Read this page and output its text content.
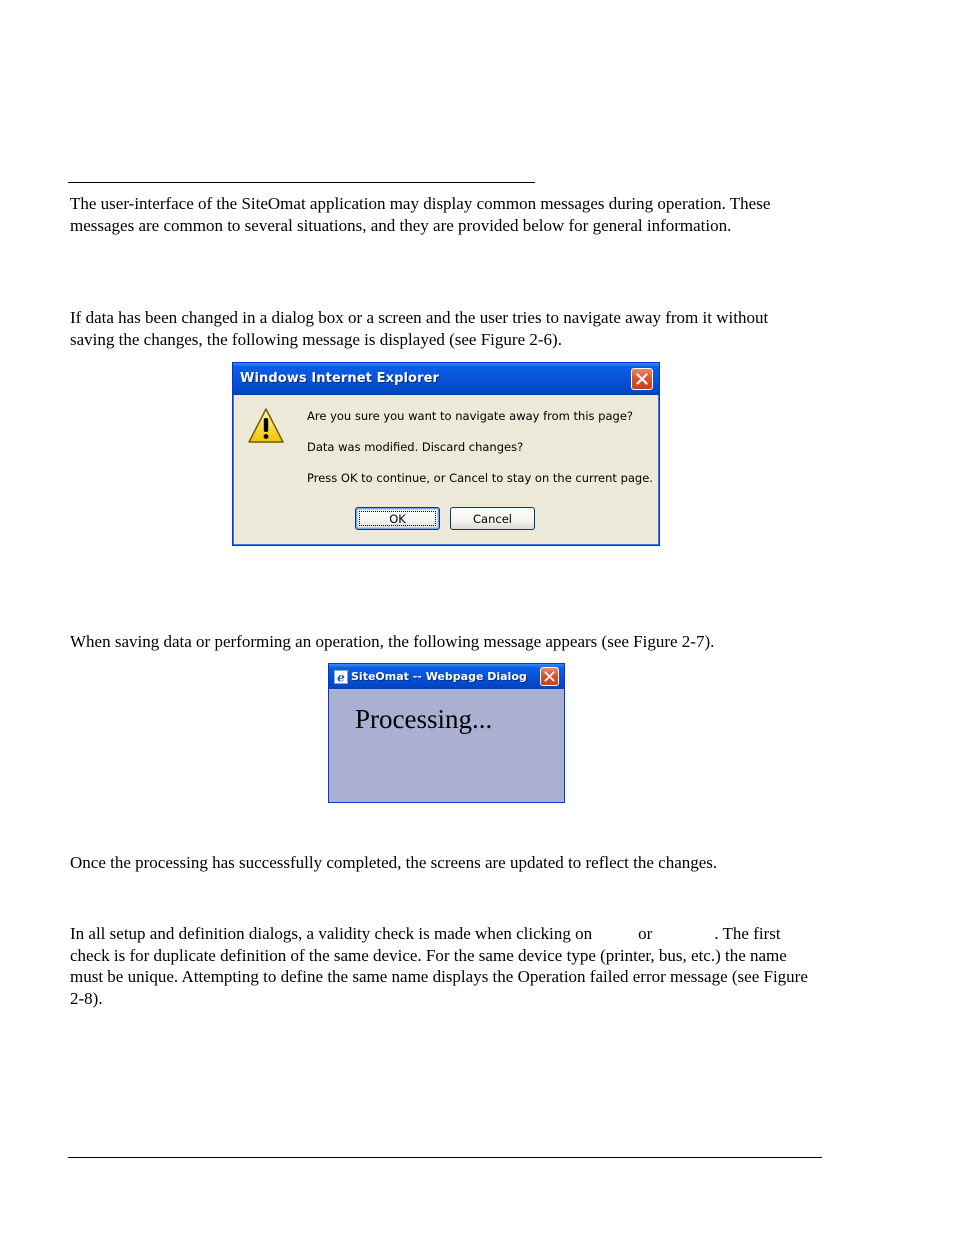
The user-interface of the SiteOmat application may display common messages during operation. These messages are common to several situations, and they are provided below for general information.

If data has been changed in a dialog box or a screen and the user tries to navigate away from it without saving the changes, the following message is displayed (see Figure 2-6).

Windows Internet Explorer
Are you sure you want to navigate away from this page?
Data was modified. Discard changes?
Press OK to continue, or Cancel to stay on the current page.
OK	Cancel

When saving data or performing an operation, the following message appears (see Figure 2-7).

e SiteOmat -- Webpage Dialog
Processing...

Once the processing has successfully completed, the screens are updated to reflect the changes.

In all setup and definition dialogs, a validity check is made when clicking on	or	. The first check is for duplicate definition of the same device. For the same device type (printer, bus, etc.) the name must be unique. Attempting to define the same name displays the Operation failed error message (see Figure 2-8).
